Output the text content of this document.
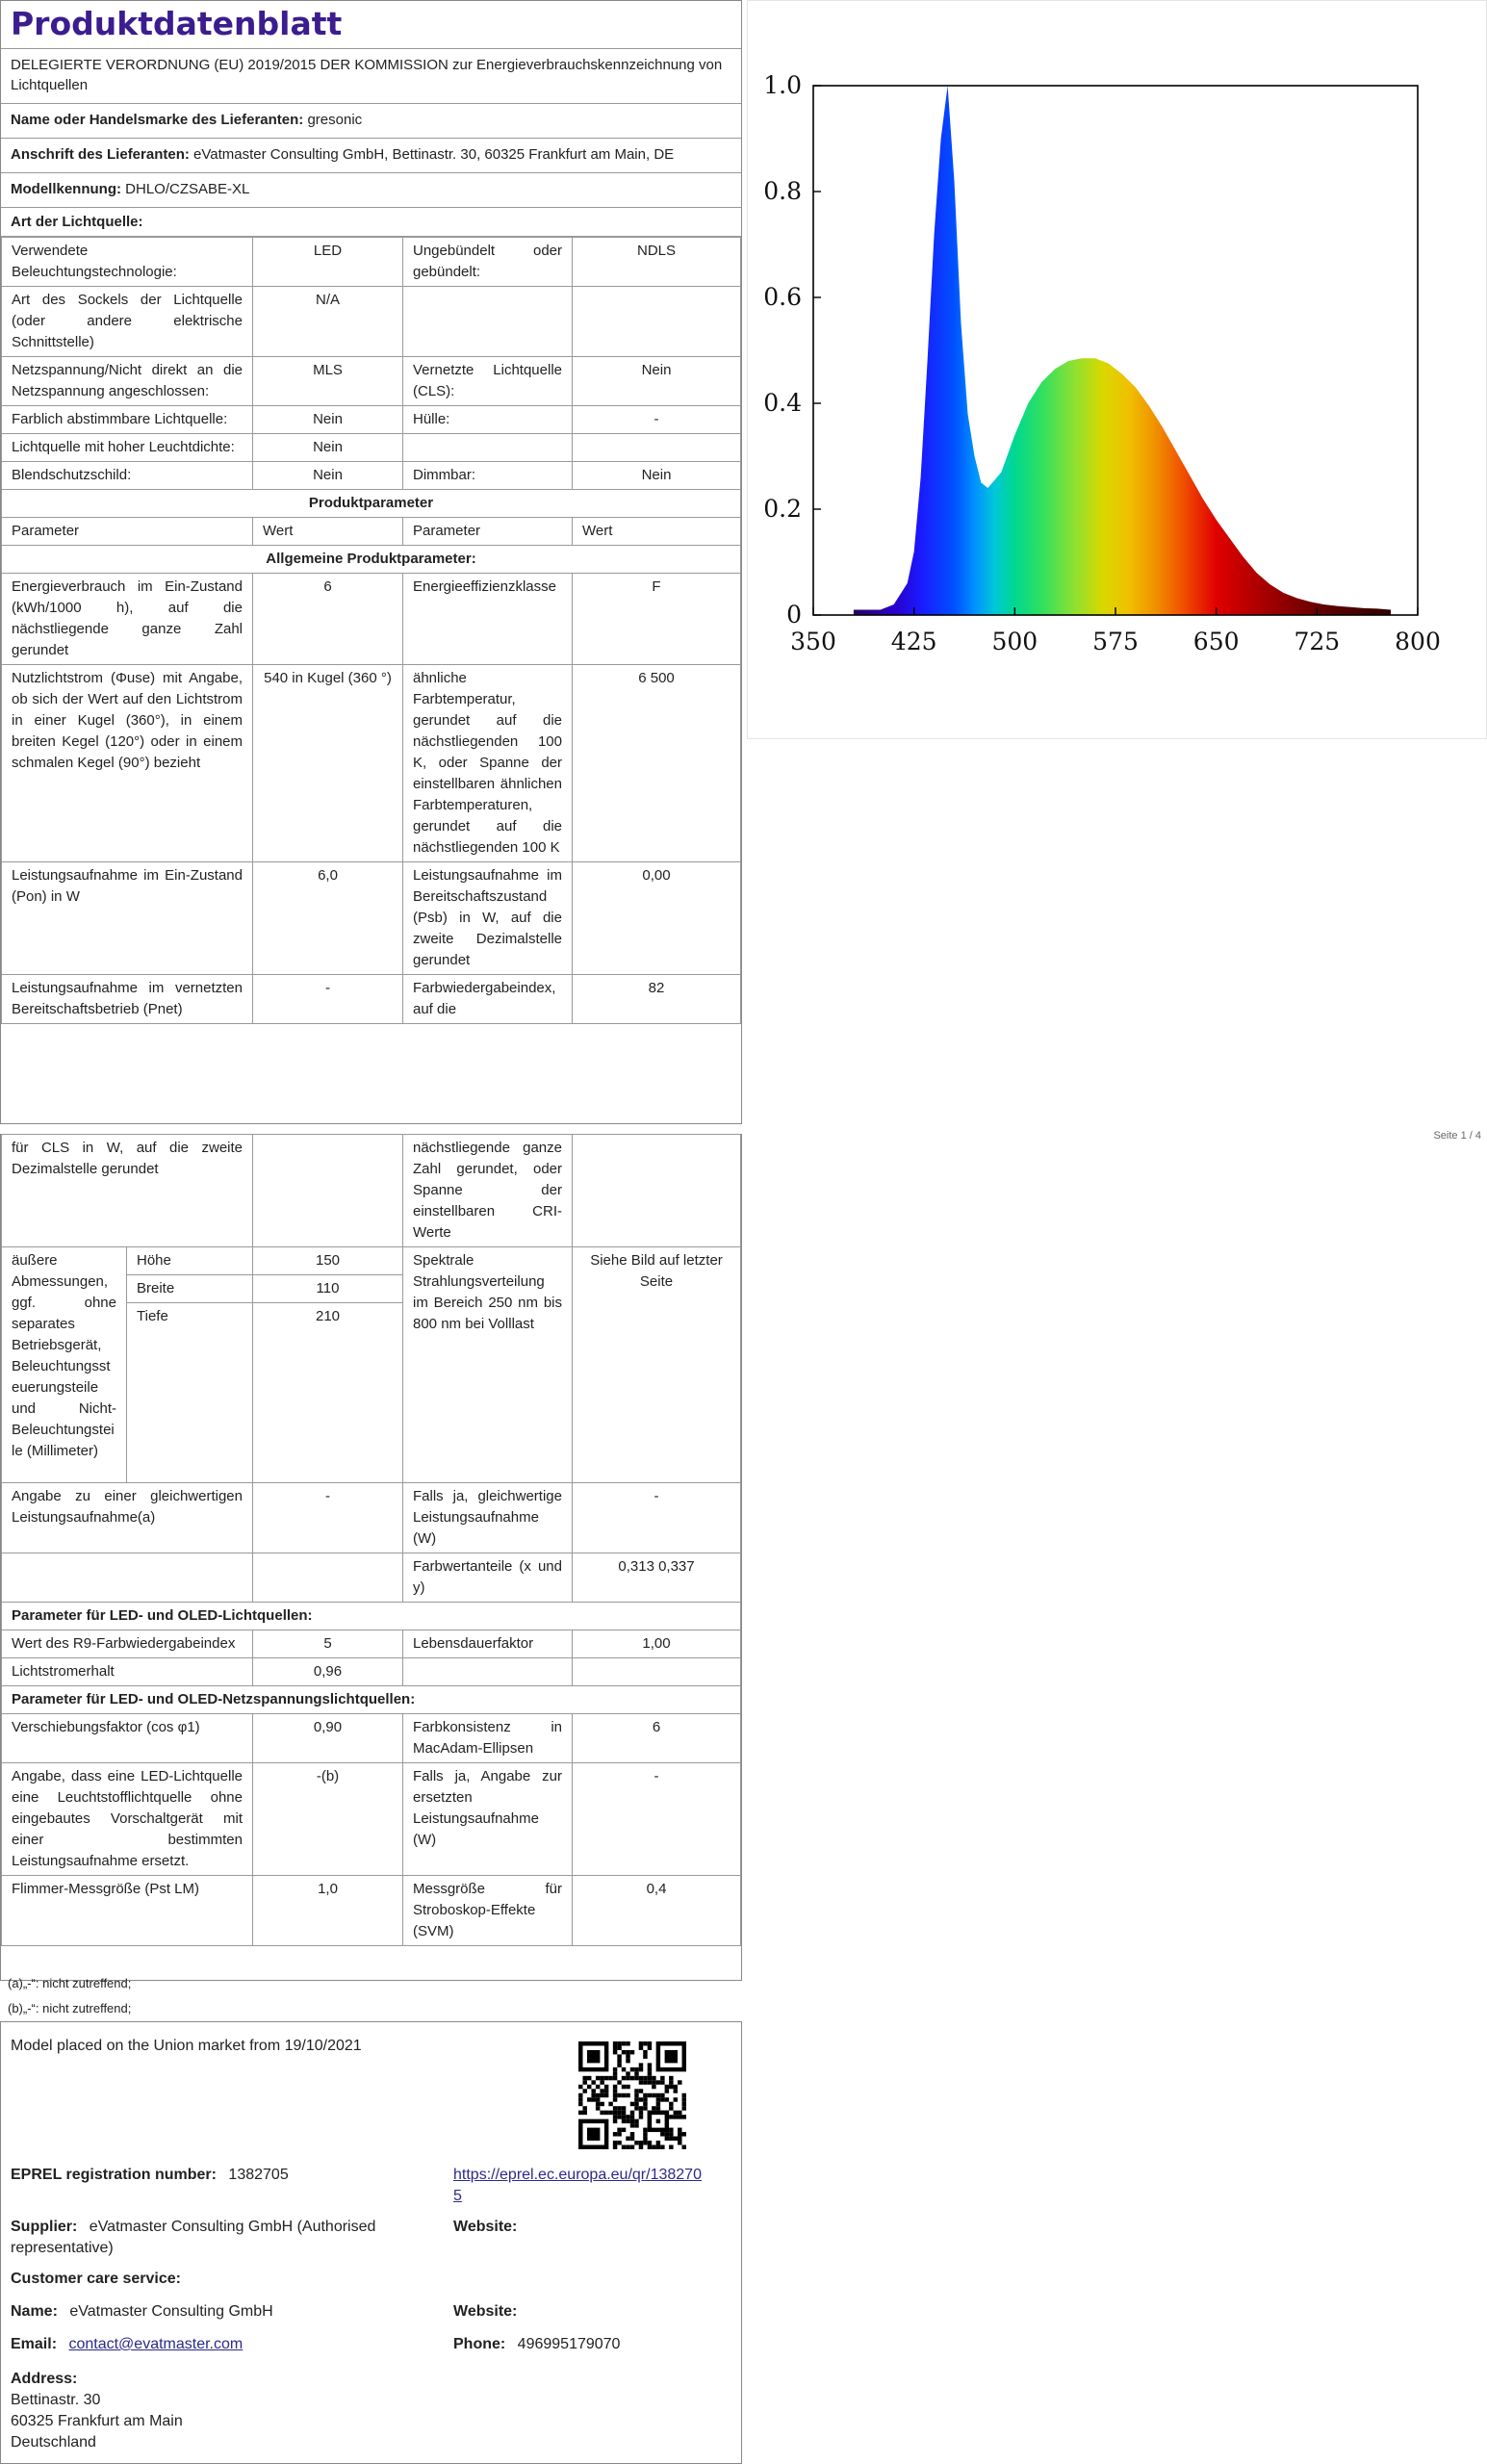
Produktdatenblatt
DELEGIERTE VERORDNUNG (EU) 2019/2015 DER KOMMISSION zur Energieverbrauchskennzeichnung von Lichtquellen
Name oder Handelsmarke des Lieferanten: gresonic
Anschrift des Lieferanten: eVatmaster Consulting GmbH, Bettinastr. 30, 60325 Frankfurt am Main, DE
Modellkennung: DHLO/CZSABE-XL
Art der Lichtquelle:
Verwendete Beleuchtungstechnologie:	LED	Ungebündelt oder gebündelt:	NDLS
Art des Sockels der Lichtquelle (oder andere elektrische Schnittstelle)	N/A		
Netzspannung/Nicht direkt an die Netzspannung angeschlossen:	MLS	Vernetzte Lichtquelle (CLS):	Nein
Farblich abstimmbare Lichtquelle:	Nein	Hülle:	-
Lichtquelle mit hoher Leuchtdichte:	Nein		
Blendschutzschild:	Nein	Dimmbar:	Nein
Produktparameter			
Parameter	Wert	Parameter	Wert
Allgemeine Produktparameter:			
Energieverbrauch im Ein-Zustand (kWh/1000 h), auf die nächstliegende ganze Zahl gerundet	6	Energieeffizienzklasse	F
Nutzlichtstrom (Φuse) mit Angabe, ob sich der Wert auf den Lichtstrom in einer Kugel (360°), in einem breiten Kegel (120°) oder in einem schmalen Kegel (90°) bezieht	540 in Kugel (360 °)	ähnliche Farbtemperatur, gerundet auf die nächstliegenden 100 K, oder Spanne der einstellbaren ähnlichen Farbtemperaturen, gerundet auf die nächstliegenden 100 K	6 500
Leistungsaufnahme im Ein-Zustand (Pon) in W	6,0	Leistungsaufnahme im Bereitschaftszustand (Psb) in W, auf die zweite Dezimalstelle gerundet	0,00
Leistungsaufnahme im vernetzten Bereitschaftsbetrieb (Pnet)	-	Farbwiedergabeindex, auf die	82
Seite 1 / 4
für CLS in W, auf die zweite Dezimalstelle gerundet			nächstliegende ganze Zahl gerundet, oder Spanne der einstellbaren CRI-Werte	
äußere Abmessungen, ggf. ohne separates Betriebsgerät, Beleuchtungssteuerungsteile und Nicht-Beleuchtungsteile (Millimeter)	Höhe	150	Spektrale Strahlungsverteilung im Bereich 250 nm bis 800 nm bei Volllast	Siehe Bild auf letzter Seite
	Breite	110		
	Tiefe	210		
Angabe zu einer gleichwertigen Leistungsaufnahme(a)		-	Falls ja, gleichwertige Leistungsaufnahme (W)	-
			Farbwertanteile (x und y)	0,313 0,337
Parameter für LED- und OLED-Lichtquellen:				
Wert des R9-Farbwiedergabeindex		5	Lebensdauerfaktor	1,00
Lichtstromerhalt		0,96		
Parameter für LED- und OLED-Netzspannungslichtquellen:				
Verschiebungsfaktor (cos φ1)		0,90	Farbkonsistenz in MacAdam-Ellipsen	6
Angabe, dass eine LED-Lichtquelle eine Leuchtstofflichtquelle ohne eingebautes Vorschaltgerät mit einer bestimmten Leistungsaufnahme ersetzt.		-(b)	Falls ja, Angabe zur ersetzten Leistungsaufnahme (W)	-
Flimmer-Messgröße (Pst LM)		1,0	Messgröße für Stroboskop-Effekte (SVM)	0,4
(a)„-“: nicht zutreffend;
(b)„-“: nicht zutreffend;
Model placed on the Union market from 19/10/2021
EPREL registration number: 1382705	https://eprel.ec.europa.eu/qr/1382705
Supplier: eVatmaster Consulting GmbH (Authorised representative)
Website:
Customer care service:
Name: eVatmaster Consulting GmbH	Website:
Email: contact@evatmaster.com	Phone: 496995179070
Address:
Bettinastr. 30
60325 Frankfurt am Main
Deutschland
0
0.2
0.4
0.6
0.8
1.0
350 425 500 575 650 725 800
